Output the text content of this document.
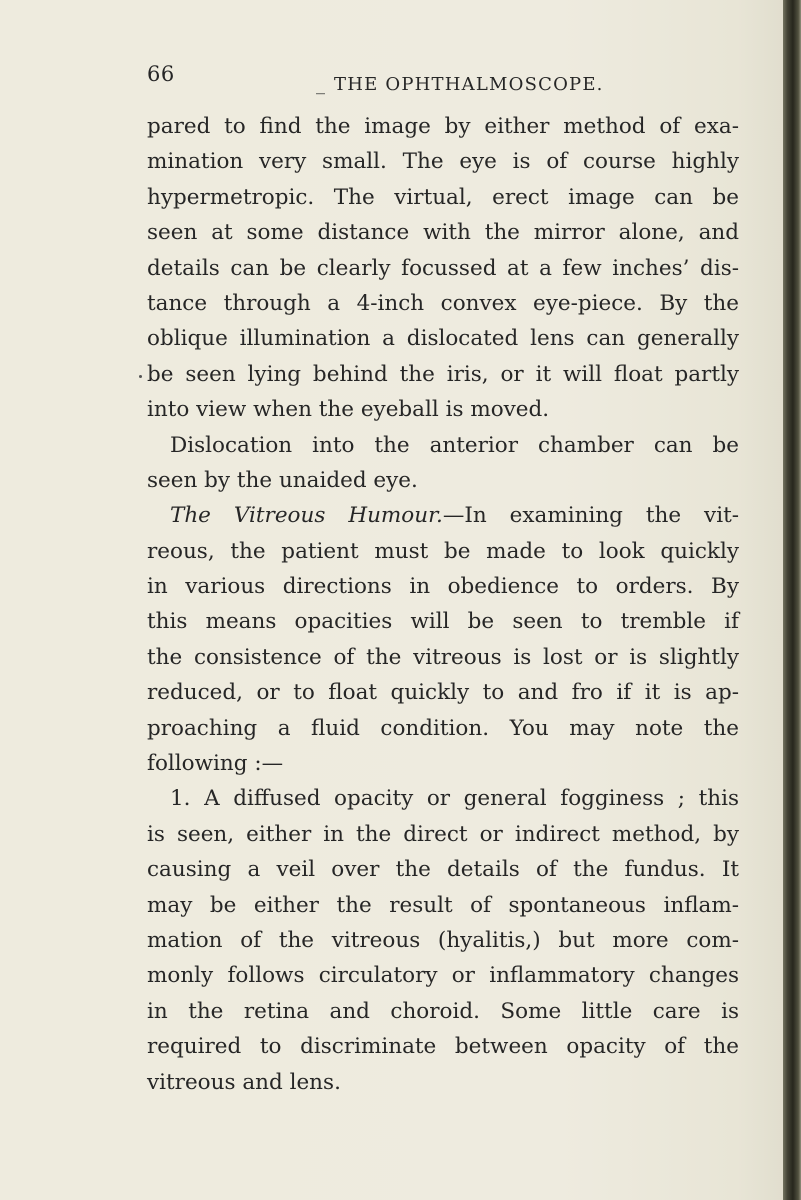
66	_ THE OPHTHALMOSCOPE.
pared to find the image by either method of exa-
mination very small. The eye is of course highly
hypermetropic. The virtual, erect image can be
seen at some distance with the mirror alone, and
details can be clearly focussed at a few inches’ dis-
tance through a 4-inch convex eye-piece. By the
oblique illumination a dislocated lens can generally
be seen lying behind the iris, or it will float partly
into view when the eyeball is moved.
Dislocation into the anterior chamber can be
seen by the unaided eye.
The Vitreous Humour.—In examining the vit-
reous, the patient must be made to look quickly
in various directions in obedience to orders. By
this means opacities will be seen to tremble if
the consistence of the vitreous is lost or is slightly
reduced, or to float quickly to and fro if it is ap-
proaching a fluid condition. You may note the
following :—
1. A diffused opacity or general fogginess ; this
is seen, either in the direct or indirect method, by
causing a veil over the details of the fundus. It
may be either the result of spontaneous inflam-
mation of the vitreous (hyalitis,) but more com-
monly follows circulatory or inflammatory changes
in the retina and choroid. Some little care is
required to discriminate between opacity of the
vitreous and lens.
